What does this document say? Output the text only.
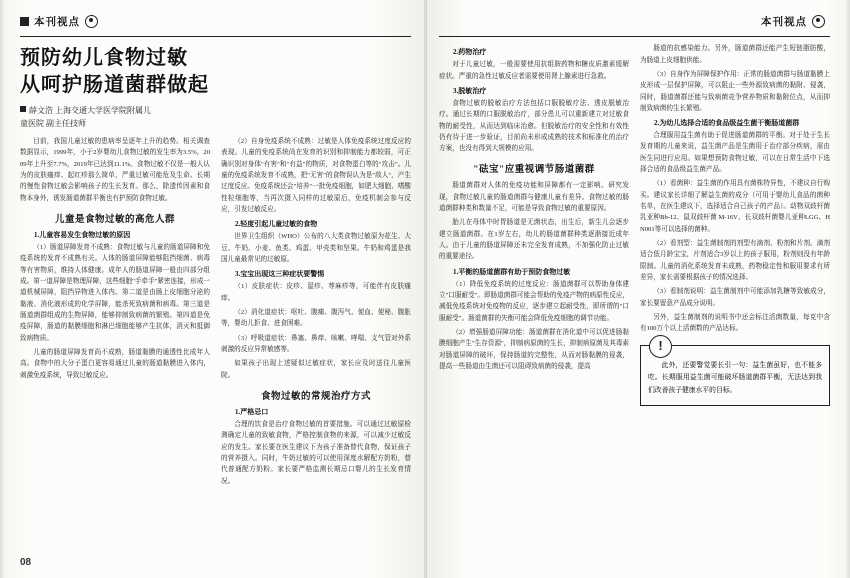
本刊视点
预防幼儿食物过敏
从呵护肠道菌群做起
薛文浩 上海交通大学医学院附属儿
童医院 副主任技师

目前，我国儿童过敏的患病率呈逐年上升的趋势。相关调查数据显示，1999年，小于2岁婴幼儿食物过敏的发生率为3.5%，2009年上升至7.7%，2019年已达到11.1%。食物过敏不仅是一般人认为的皮肤瘙痒、起红疹那么简单，严重过敏可能危及生命。长期的慢性食物过敏会影响孩子的生长发育。那么，除遗传因素和食物本身外，诱发肠道菌群平衡也有护预防食物过敏。

儿童是食物过敏的高危人群
1.儿童容易发生食物过敏的原因

（1）肠道屏障发育不成熟：食物过敏与儿童的肠道屏障和免疫系统的发育不成熟有关。人体的肠道屏障能够阻挡细菌、病毒等有害物质，维持人体健康。成年人的肠道屏障一般由四部分组成。第一道屏障是物理屏障，这些细胞"手牵手"紧密连接，形成一道机械屏障，阻挡异物进入体内。第二道是由肠上皮细胞分泌的黏液、消化液形成的化学屏障，能杀死致病菌和病毒。第三道是肠道菌群组成的生物屏障，能够抑制致病菌的繁殖。第四道是免疫屏障，肠道的黏膜细胞和淋巴细胞能够产生抗体，消灭和抵御致病物质。

儿童的肠道屏障发育尚不成熟，肠道黏膜的通透性比成年人高。食物中的大分子蛋白更容易通过儿童的肠道黏膜进入体内，刺激免疫系统，导致过敏反应。

（2）自身免疫系统不成熟：过敏是人体免疫系统过度反应的表现。儿童的免疫系统尚在发育的识别和抑制能力都较弱，可正确识别对身体"有害"和"有益"的物质，对食物蛋白等的"攻击"。儿童的免疫系统发育不成熟，把"无害"的食物误认为是"敌人"，产生过度反应。免疫系统还会"培养"一批免疫细胞，如肥大细胞、嗜酸性粒细胞等，当再次摄入同样的过敏原后，免疫机制会参与反应，引发过敏反应。

2.轻度引起儿童过敏的食物

世界卫生组织（WHO）公布的八大类食物过敏原为花生、大豆、牛奶、小麦、鱼类、鸡蛋、甲壳类和坚果。牛奶和鸡蛋是我国儿童最常见的过敏原。

3.宝宝出现这三种症状要警惕

（1）皮肤症状：皮疹、湿疹、荨麻疹等，可能伴有皮肤瘙痒。

（2）消化道症状：呕吐、腹痛、腹泻气、便血、便秘、腹胀等，婴幼儿拒食、进食困难。

（3）呼吸道症状：鼻塞、鼻痒、咳嗽、哮喘、支气管对外系刺激的反应异常敏感等。

如果孩子出现上述疑似过敏症状，家长应及时送往儿童医院。

食物过敏的常规治疗方式
1.严格忌口

合理的饮食是治疗食物过敏的首要措施。可以通过过敏原检测确定儿童的致敏食物，严格控制食物的来源，可以减少过敏反应的发生。家长要在医生建议下为孩子准备替代食物，保证孩子的营养摄入。同时，牛奶过敏的可以使用深度水解配方奶粉，替代普通配方奶粉。家长要严格监测长期忌口婴儿的生长发育情况。

08
本刊视点
2.药物治疗

对于儿童过敏，一般需要使用抗组胺药物和糖皮质激素缓解症状。严重的急性过敏反应者需要使用肾上腺素进行急救。

3.脱敏治疗

食物过敏的脱敏治疗方法包括口服脱敏疗法、透皮脱敏治疗。通过长期的口服脱敏治疗，部分患儿可以重新建立对过敏食物的耐受性，从而达到临床治愈。但脱敏治疗的安全性和有效性仍有待于进一步验证，目前尚未形成成熟的技术和标准化的治疗方案，也没有得到大规模的应用。

"砝宝"应重视调节肠道菌群

肠道菌群对人体的免疫功能和屏障都有一定影响。研究发现，食物过敏儿童的肠道菌群与健康儿童有差异。食物过敏的肠道菌群种类和数量不足，可能是导致食物过敏的重要原因。

胎儿在母体中时胃肠道是无菌状态，出生后，新生儿会逐步建立肠道菌群。在1岁左右，幼儿的肠道菌群种类逐渐接近成年人。由于儿童的肠道屏障还未完全发育成熟，不加强化防止过敏的重要途径。

1.平衡的肠道菌群有助于预防食物过敏

（1）降低免疫系统的过度反应：肠道菌群可以帮助身体建立"口服耐受"。即肠道菌群可能会帮助的免疫产物的病原性反应，减低免疫系统对免疫物的反应，逐步建立起耐受性，即所谓的"口服耐受"。肠道菌群的失衡可能会降低免疫细胞的调节功能。

（2）增强肠道屏障功能：肠道菌群在消化道中可以促进肠黏膜细胞产生"生存资源"，抑制病原菌的生长，抑制病原菌及其毒素对肠道屏障的破坏，保持肠道的完整性，从而对肠黏膜的侵袭，提高一些肠道由生菌还可以阻碍致病菌的侵袭，提高

肠道的抗感染能力。另外，肠道菌群还能产生短链脂肪酸，为肠道上皮细胞供能。

（3）自身作为屏障保护作用：正常的肠道菌群与肠道黏膜上皮形成一层保护屏障，可以阻止一些外源致病菌的黏附、侵袭，同时，肠道菌群还能与致病菌竞争营养物质和黏附位点，从而抑制致病菌的生长繁殖。

2.为幼儿选择合适的食品级益生菌干衡肠道菌群

合理服用益生菌有助于促进肠道菌群的平衡。对于处于生长发育期的儿童来说，益生菌产品是生菌用于治疗部分疾病，需由医生同进行应用。如果想预防食物过敏，可以在日常生活中下选择合适的食品级益生菌产品。

（1）看菌种：益生菌的作用具有菌株特异性，不建议自行购买。建议家长详细了解益生菌的成分（可用于婴幼儿食品的菌种名单，在医生建议下，选择适合自己孩子的产品）。动物双歧杆菌乳亚种Bb-12、鼠双歧杆菌 M-16V、长双歧杆菌婴儿亚种LGG、HN001等可以选择的菌种。

（2）看剂型：益生菌制剂的剂型有滴剂、粉剂和片剂。滴剂适合低月龄宝宝，片剂适合3岁以上的孩子服用，粉剂则没有年龄限制。儿童的消化系统发育未成熟，药物稳定性和服用要求有所差异，家长需要根据孩子的情况选择。

（3）看制剂说明：益生菌制剂中可能添加乳糖等致敏成分，家长要留意产品成分说明。

另外，益生菌制剂的说明书中还会标注活菌数量，每克中含有100万个以上活菌数的产品达标。

!

此外，还要警觉要长引一句：益生菌虽好，也不能多吃。长期服用益生菌可能破坏肠道菌群平衡，无法达到我们改善孩子健康水平的目标。
